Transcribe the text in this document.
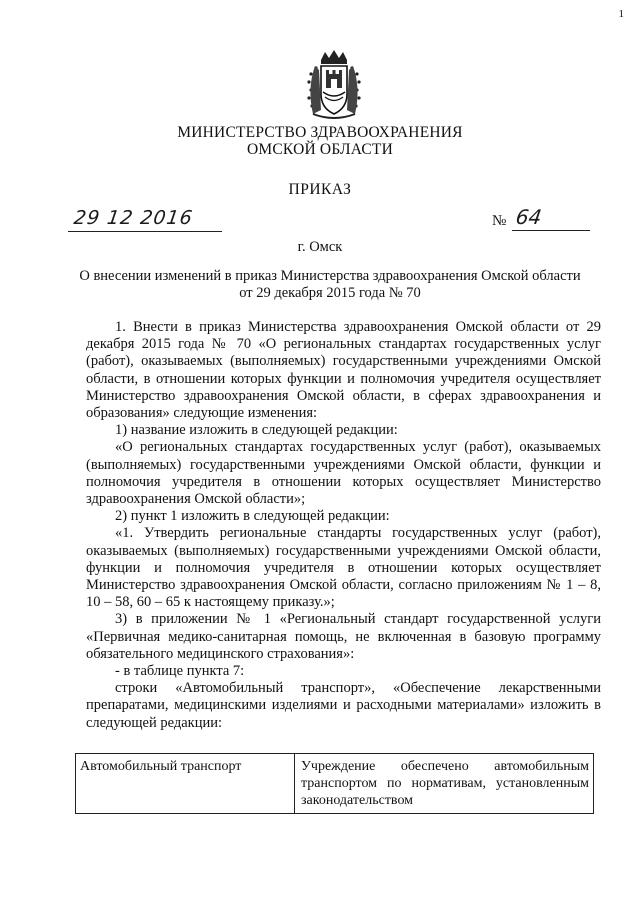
1
МИНИСТЕРСТВО ЗДРАВООХРАНЕНИЯ
ОМСКОЙ ОБЛАСТИ
ПРИКАЗ
29 12 2016	№ 64
г. Омск
О внесении изменений в приказ Министерства здравоохранения Омской области
от 29 декабря 2015 года № 70

1. Внести в приказ Министерства здравоохранения Омской области от 29 декабря 2015 года № 70 «О региональных стандартах государственных услуг (работ), оказываемых (выполняемых) государственными учреждениями Омской области, в отношении которых функции и полномочия учредителя осуществляет Министерство здравоохранения Омской области, в сферах здравоохранения и образования» следующие изменения:

1) название изложить в следующей редакции:

«О региональных стандартах государственных услуг (работ), оказываемых (выполняемых) государственными учреждениями Омской области, функции и полномочия учредителя в отношении которых осуществляет Министерство здравоохранения Омской области»;

2) пункт 1 изложить в следующей редакции:

«1. Утвердить региональные стандарты государственных услуг (работ), оказываемых (выполняемых) государственными учреждениями Омской области, функции и полномочия учредителя в отношении которых осуществляет Министерство здравоохранения Омской области, согласно приложениям № 1 – 8, 10 – 58, 60 – 65 к настоящему приказу.»;

3) в приложении № 1 «Региональный стандарт государственной услуги «Первичная медико-санитарная помощь, не включенная в базовую программу обязательного медицинского страхования»:

- в таблице пункта 7:

строки «Автомобильный транспорт», «Обеспечение лекарственными препаратами, медицинскими изделиями и расходными материалами» изложить в следующей редакции:

Автомобильный транспорт	Учреждение обеспечено автомобильным транспортом по нормативам, установленным законодательством
